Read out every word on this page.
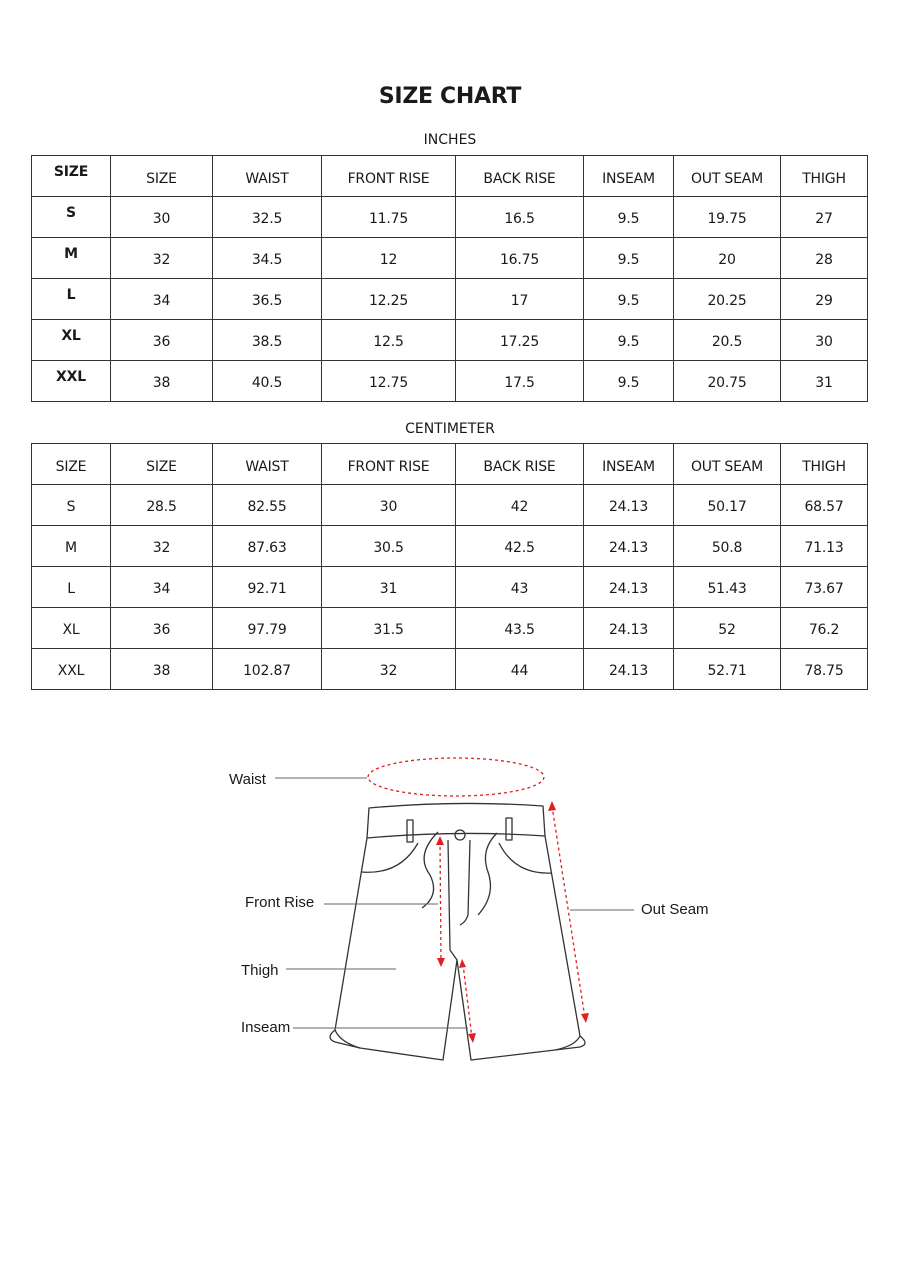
SIZE CHART
INCHES
SIZE	SIZE	WAIST	FRONT RISE	BACK RISE	INSEAM	OUT SEAM	THIGH
S	30	32.5	11.75	16.5	9.5	19.75	27
M	32	34.5	12	16.75	9.5	20	28
L	34	36.5	12.25	17	9.5	20.25	29
XL	36	38.5	12.5	17.25	9.5	20.5	30
XXL	38	40.5	12.75	17.5	9.5	20.75	31
CENTIMETER
SIZE	SIZE	WAIST	FRONT RISE	BACK RISE	INSEAM	OUT SEAM	THIGH
S	28.5	82.55	30	42	24.13	50.17	68.57
M	32	87.63	30.5	42.5	24.13	50.8	71.13
L	34	92.71	31	43	24.13	51.43	73.67
XL	36	97.79	31.5	43.5	24.13	52	76.2
XXL	38	102.87	32	44	24.13	52.71	78.75
Waist
Front Rise
Thigh
Inseam
Out Seam
